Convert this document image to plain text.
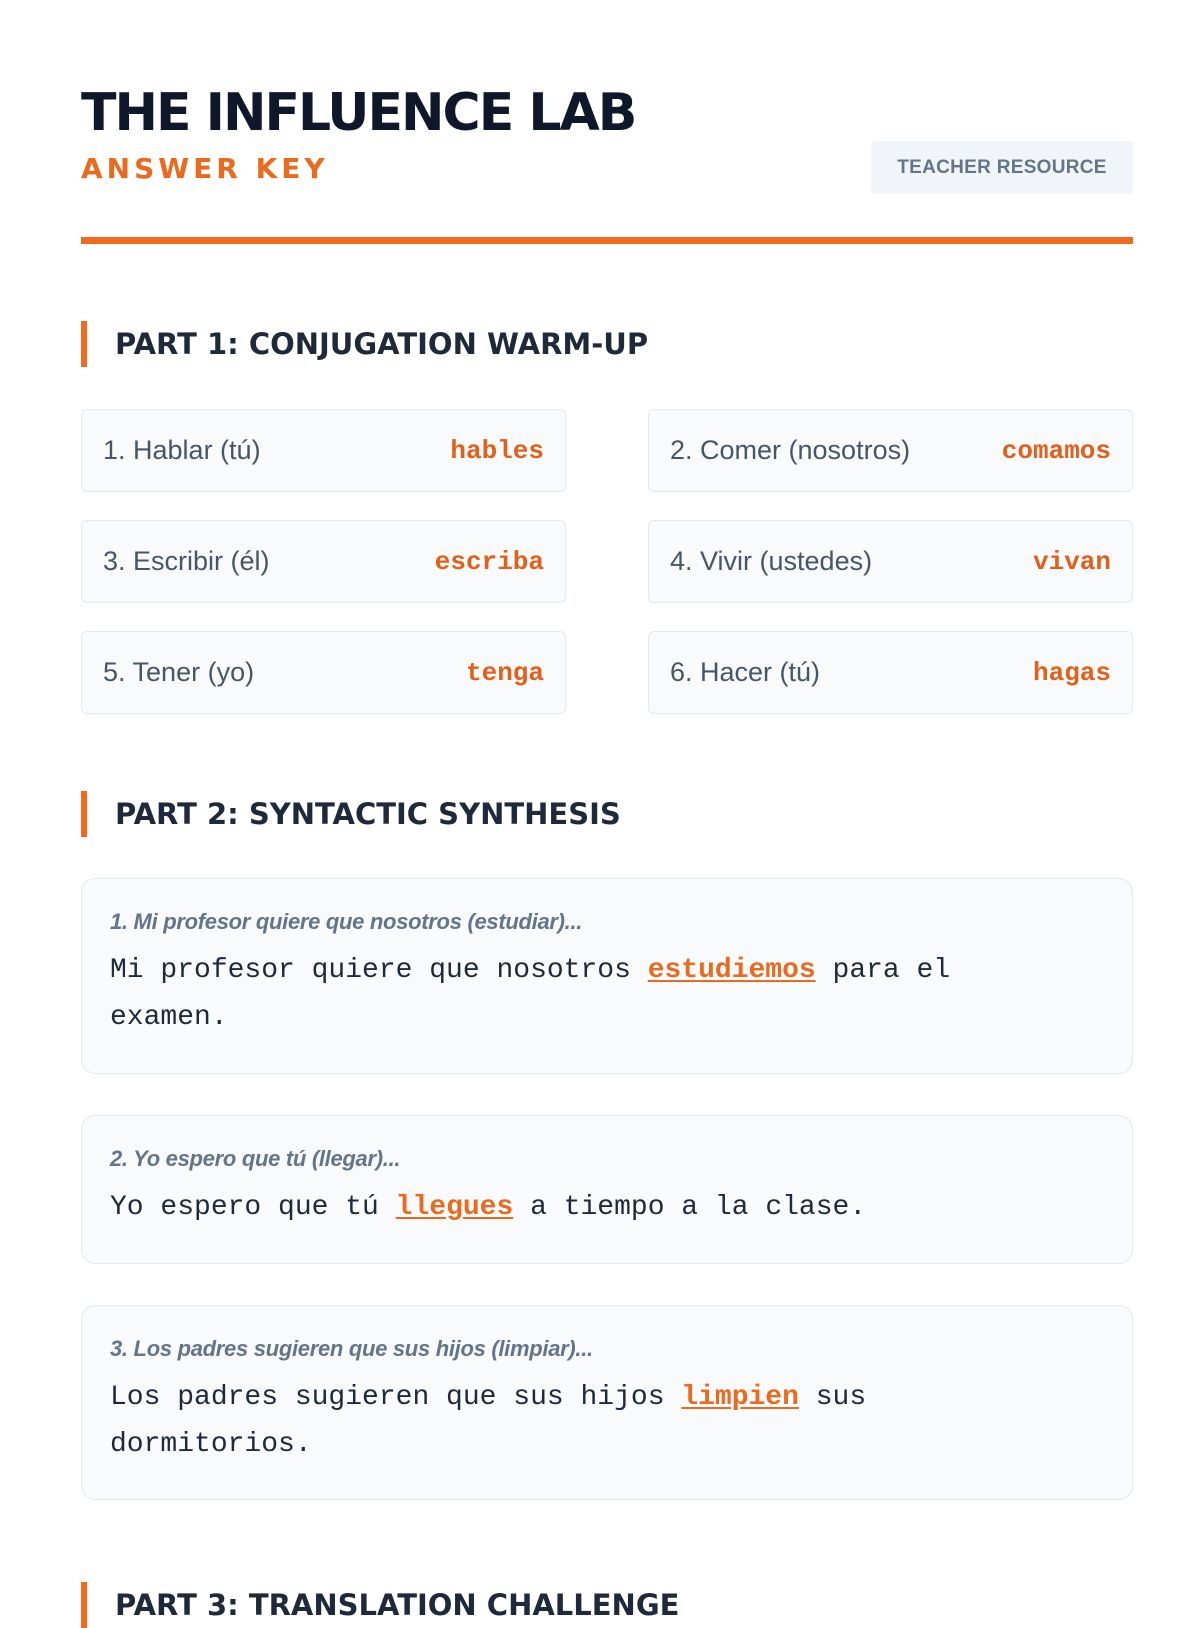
THE INFLUENCE LAB
ANSWER KEY	TEACHER RESOURCE
PART 1: CONJUGATION WARM-UP
1. Hablar (tú)	hables	2. Comer (nosotros)	comamos
3. Escribir (él)	escriba	4. Vivir (ustedes)	vivan
5. Tener (yo)	tenga	6. Hacer (tú)	hagas
PART 2: SYNTACTIC SYNTHESIS
1. Mi profesor quiere que nosotros (estudiar)...
Mi profesor quiere que nosotros estudiemos para el examen.
2. Yo espero que tú (llegar)...
Yo espero que tú llegues a tiempo a la clase.
3. Los padres sugieren que sus hijos (limpiar)...
Los padres sugieren que sus hijos limpien sus dormitorios.
PART 3: TRANSLATION CHALLENGE
